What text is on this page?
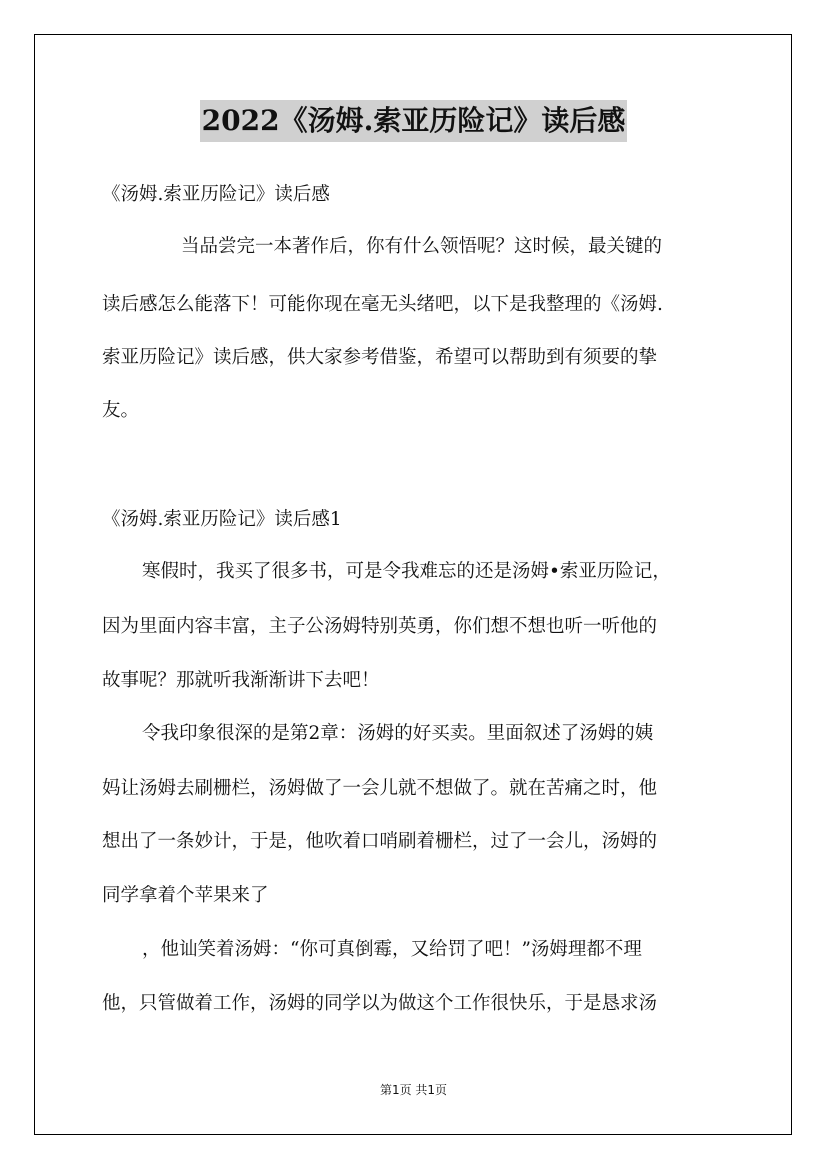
2022《汤姆.索亚历险记》读后感
《汤姆.索亚历险记》读后感
当品尝完一本著作后，你有什么领悟呢？这时候，最关键的
读后感怎么能落下！可能你现在毫无头绪吧，以下是我整理的《汤姆.
索亚历险记》读后感，供大家参考借鉴，希望可以帮助到有须要的挚
友。
《汤姆.索亚历险记》读后感1
寒假时，我买了很多书，可是令我难忘的还是汤姆•索亚历险记，
因为里面内容丰富，主子公汤姆特别英勇，你们想不想也听一听他的
故事呢？那就听我渐渐讲下去吧！
令我印象很深的是第2章：汤姆的好买卖。里面叙述了汤姆的姨
妈让汤姆去刷栅栏，汤姆做了一会儿就不想做了。就在苦痛之时，他
想出了一条妙计，于是，他吹着口哨刷着栅栏，过了一会儿，汤姆的
同学拿着个苹果来了
，他讪笑着汤姆：“你可真倒霉，又给罚了吧！”汤姆理都不理
他，只管做着工作，汤姆的同学以为做这个工作很快乐，于是恳求汤
第1页 共1页
